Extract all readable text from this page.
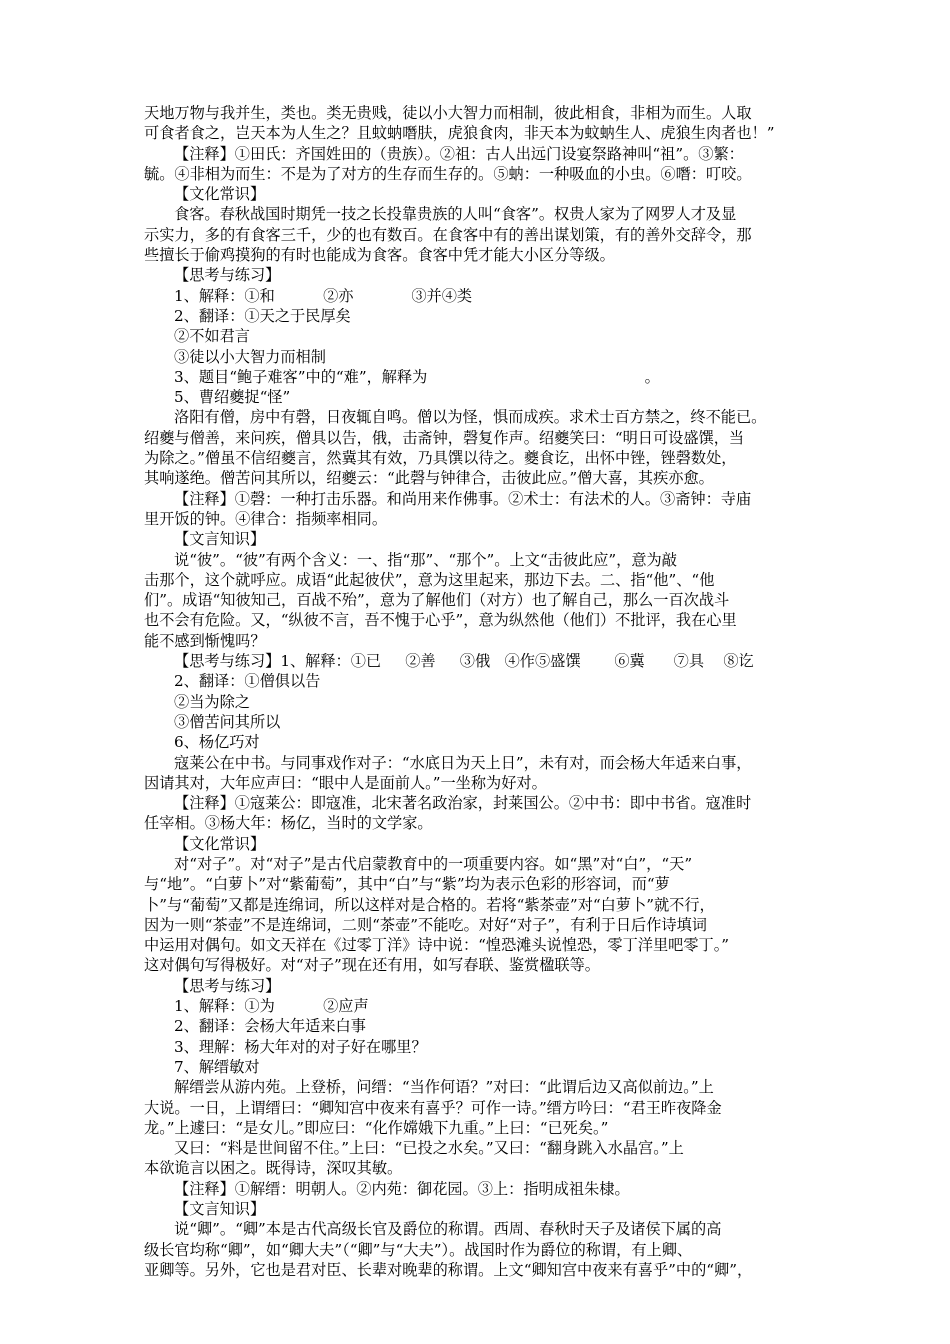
天地万物与我并生，类也。类无贵贱，徒以小大智力而相制，彼此相食，非相为而生。人取

可食者食之，岂天本为人生之？且蚊蚋噆肤，虎狼食肉，非天本为蚊蚋生人、虎狼生肉者也！”

【注释】①田氏：齐国姓田的（贵族）。②祖：古人出远门设宴祭路神叫“祖”。③繁：

毓。④非相为而生：不是为了对方的生存而生存的。⑤蚋：一种吸血的小虫。⑥噆：叮咬。

【文化常识】

食客。春秋战国时期凭一技之长投靠贵族的人叫“食客”。权贵人家为了网罗人才及显

示实力，多的有食客三千，少的也有数百。在食客中有的善出谋划策，有的善外交辞令，那

些擅长于偷鸡摸狗的有时也能成为食客。食客中凭才能大小区分等级。

【思考与练习】

1、解释：①和          ②亦            ③并④类

2、翻译：①天之于民厚矣

②不如君言

③徒以小大智力而相制

3、题目“鲍子难客”中的“难”，解释为                                             。

5、曹绍夔捉“怪”

洛阳有僧，房中有磬，日夜辄自鸣。僧以为怪，惧而成疾。求术士百方禁之，终不能已。

绍夔与僧善，来问疾，僧具以告，俄，击斋钟，磬复作声。绍夔笑曰：“明日可设盛馔，当

为除之。”僧虽不信绍夔言，然冀其有效，乃具馔以待之。夔食讫，出怀中锉，锉磬数处，

其响遂绝。僧苦问其所以，绍夔云：“此磬与钟律合，击彼此应。”僧大喜，其疾亦愈。

【注释】①磬：一种打击乐器。和尚用来作佛事。②术士：有法术的人。③斋钟：寺庙

里开饭的钟。④律合：指频率相同。

【文言知识】

说“彼”。“彼”有两个含义：一、指“那”、“那个”。上文“击彼此应”，意为敲

击那个，这个就呼应。成语“此起彼伏”，意为这里起来，那边下去。二、指“他”、“他

们”。成语“知彼知己，百战不殆”，意为了解他们（对方）也了解自己，那么一百次战斗

也不会有危险。又，“纵彼不言，吾不愧于心乎”，意为纵然他（他们）不批评，我在心里

能不感到惭愧吗？

【思考与练习】1、解释：①已     ②善     ③俄   ④作⑤盛馔       ⑥冀      ⑦具    ⑧讫

2、翻译：①僧俱以告

②当为除之

③僧苦问其所以

6、杨亿巧对

寇莱公在中书。与同事戏作对子：“水底日为天上日”，未有对，而会杨大年适来白事，

因请其对，大年应声曰：“眼中人是面前人。”一坐称为好对。

【注释】①寇莱公：即寇准，北宋著名政治家，封莱国公。②中书：即中书省。寇准时

任宰相。③杨大年：杨亿，当时的文学家。

【文化常识】

对“对子”。对“对子”是古代启蒙教育中的一项重要内容。如“黑”对“白”，“天”

与“地”。“白萝卜”对“紫葡萄”，其中“白”与“紫”均为表示色彩的形容词，而“萝

卜”与“葡萄”又都是连绵词，所以这样对是合格的。若将“紫茶壶”对“白萝卜”就不行，

因为一则“茶壶”不是连绵词，二则“茶壶”不能吃。对好“对子”，有利于日后作诗填词

中运用对偶句。如文天祥在《过零丁洋》诗中说：“惶恐滩头说惶恐，零丁洋里吧零丁。”

这对偶句写得极好。对“对子”现在还有用，如写春联、鉴赏楹联等。

【思考与练习】

1、解释：①为          ②应声

2、翻译：会杨大年适来白事

3、理解：杨大年对的对子好在哪里？

7、解缙敏对

解缙尝从游内苑。上登桥，问缙：“当作何语？”对曰：“此谓后边又高似前边。”上

大说。一日，上谓缙曰：“卿知宫中夜来有喜乎？可作一诗。”缙方吟曰：“君王昨夜降金

龙。”上遽曰：“是女儿。”即应曰：“化作嫦娥下九重。”上曰：“已死矣。”

又曰：“料是世间留不住。”上曰：“已投之水矣。”又曰：“翻身跳入水晶宫。”上

本欲诡言以困之。既得诗，深叹其敏。

【注释】①解缙：明朝人。②内苑：御花园。③上：指明成祖朱棣。

【文言知识】

说“卿”。“卿”本是古代高级长官及爵位的称谓。西周、春秋时天子及诸侯下属的高

级长官均称“卿”，如“卿大夫”（“卿”与“大夫”）。战国时作为爵位的称谓，有上卿、

亚卿等。另外，它也是君对臣、长辈对晚辈的称谓。上文“卿知宫中夜来有喜乎”中的“卿”，
